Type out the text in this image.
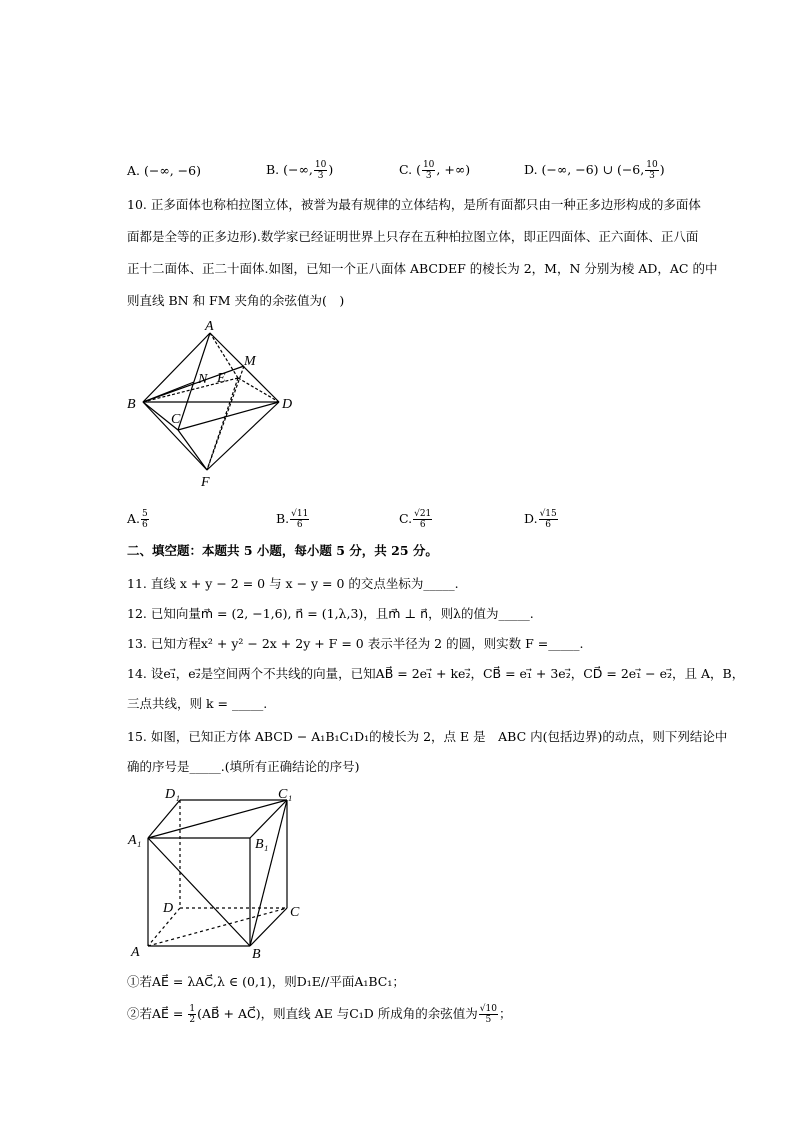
A. (−∞, −6)	B. (−∞, $\frac{10}{3}$ )	C. ( $\frac{10}{3}$ , +∞)	D. (−∞, −6) ∪ (−6, $\frac{10}{3}$ )
10. 正多面体也称柏拉图立体，被誉为最有规律的立体结构，是所有面都只由一种正多边形构成的多面体
面都是全等的正多边形).数学家已经证明世界上只存在五种柏拉图立体，即正四面体、正六面体、正八面
正十二面体、正二十面体.如图，已知一个正八面体 ABCDEF 的棱长为 2，M，N 分别为棱 AD，AC 的中
则直线 BN 和 FM 夹角的余弦值为(　)
A
B
C
D
E
F
M
N
A. $\frac{5}{6}$	B. $\frac{√11}{6}$	C. $\frac{√21}{6}$	D. $\frac{√15}{6}$
二、填空题：本题共 5 小题，每小题 5 分，共 25 分。
11. 直线 x + y − 2 = 0 与 x − y = 0 的交点坐标为_____.
12. 已知向量m⃗ = (2, −1,6), n⃗ = (1,λ,3)，且m⃗ ⊥ n⃗，则λ的值为_____.
13. 已知方程x² + y² − 2x + 2y + F = 0 表示半径为 2 的圆，则实数 F =_____.
14. 设e₁⃗，e₂⃗是空间两个不共线的向量，已知AB⃗ = 2e₁⃗ + ke₂⃗，CB⃗ = e₁⃗ + 3e₂⃗，CD⃗ = 2e₁⃗ − e₂⃗，且 A，B，
三点共线，则 k = _____.
15. 如图，已知正方体 ABCD − A₁B₁C₁D₁的棱长为 2，点 E 是　ABC 内(包括边界)的动点，则下列结论中
确的序号是_____.(填所有正确结论的序号)
D₁	C₁
A₁	B₁
D	C
A	B
①若AE⃗ = λAC⃗,λ ∈ (0,1)，则D₁E//平面A₁BC₁；
②若AE⃗ = $\frac{1}{2}$ (AB⃗ + AC⃗)，则直线 AE 与C₁D 所成角的余弦值为 $\frac{√10}{5}$ ；
